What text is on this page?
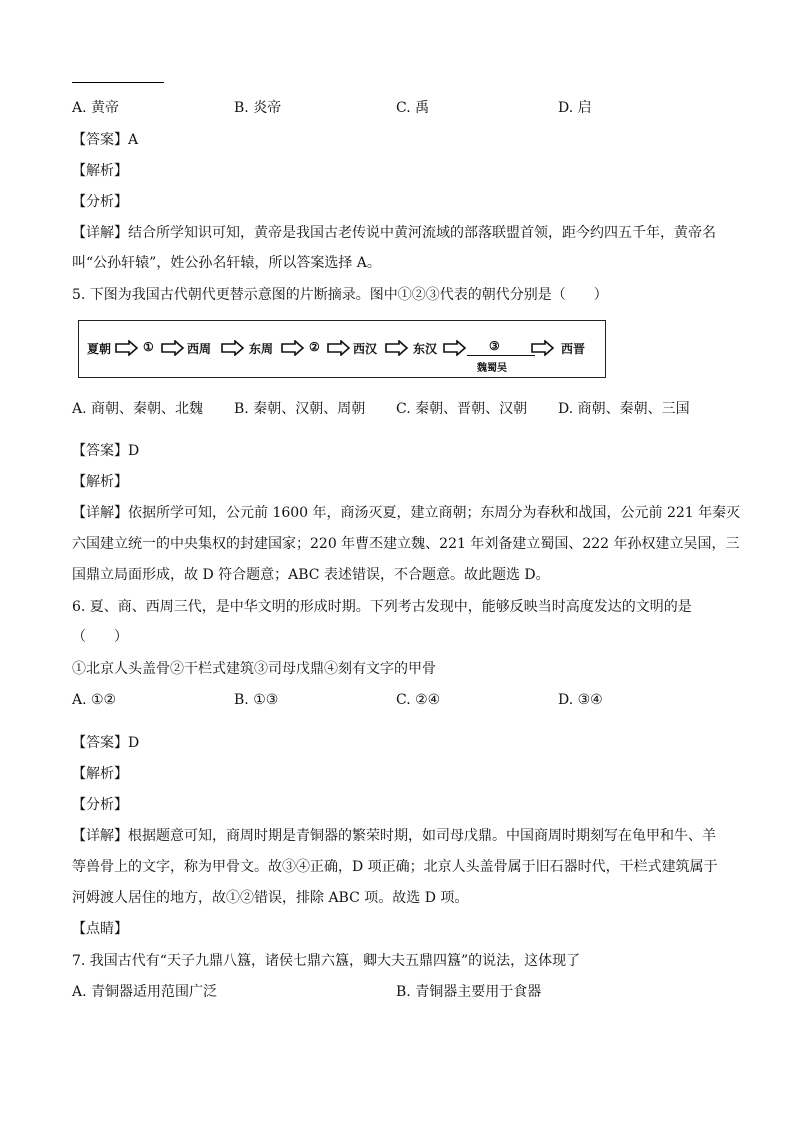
A. 黄帝	B. 炎帝	C. 禹	D. 启
【答案】A
【解析】
【分析】
【详解】结合所学知识可知，黄帝是我国古老传说中黄河流域的部落联盟首领，距今约四五千年，黄帝名
叫“公孙轩辕”，姓公孙名轩辕，所以答案选择 A。
5. 下图为我国古代朝代更替示意图的片断摘录。图中①②③代表的朝代分别是（　　）
夏朝	①	西周	东周	②	西汉	东汉	③
魏蜀吴
西晋
A. 商朝、秦朝、北魏 B. 秦朝、汉朝、周朝 C. 秦朝、晋朝、汉朝 D. 商朝、秦朝、三国
【答案】D
【解析】
【详解】依据所学可知，公元前 1600 年，商汤灭夏，建立商朝；东周分为春秋和战国，公元前 221 年秦灭
六国建立统一的中央集权的封建国家；220 年曹丕建立魏、221 年刘备建立蜀国、222 年孙权建立吴国，三
国鼎立局面形成，故 D 符合题意；ABC 表述错误，不合题意。故此题选 D。
6. 夏、商、西周三代，是中华文明的形成时期。下列考古发现中，能够反映当时高度发达的文明的是
（　　）
①北京人头盖骨②干栏式建筑③司母戊鼎④刻有文字的甲骨
A. ①②	B. ①③	C. ②④	D. ③④
【答案】D
【解析】
【分析】
【详解】根据题意可知，商周时期是青铜器的繁荣时期，如司母戊鼎。中国商周时期刻写在龟甲和牛、羊
等兽骨上的文字，称为甲骨文。故③④正确，D 项正确；北京人头盖骨属于旧石器时代，干栏式建筑属于
河姆渡人居住的地方，故①②错误，排除 ABC 项。故选 D 项。
【点睛】
7. 我国古代有“天子九鼎八簋，诸侯七鼎六簋，卿大夫五鼎四簋”的说法，这体现了
A. 青铜器适用范围广泛	B. 青铜器主要用于食器
